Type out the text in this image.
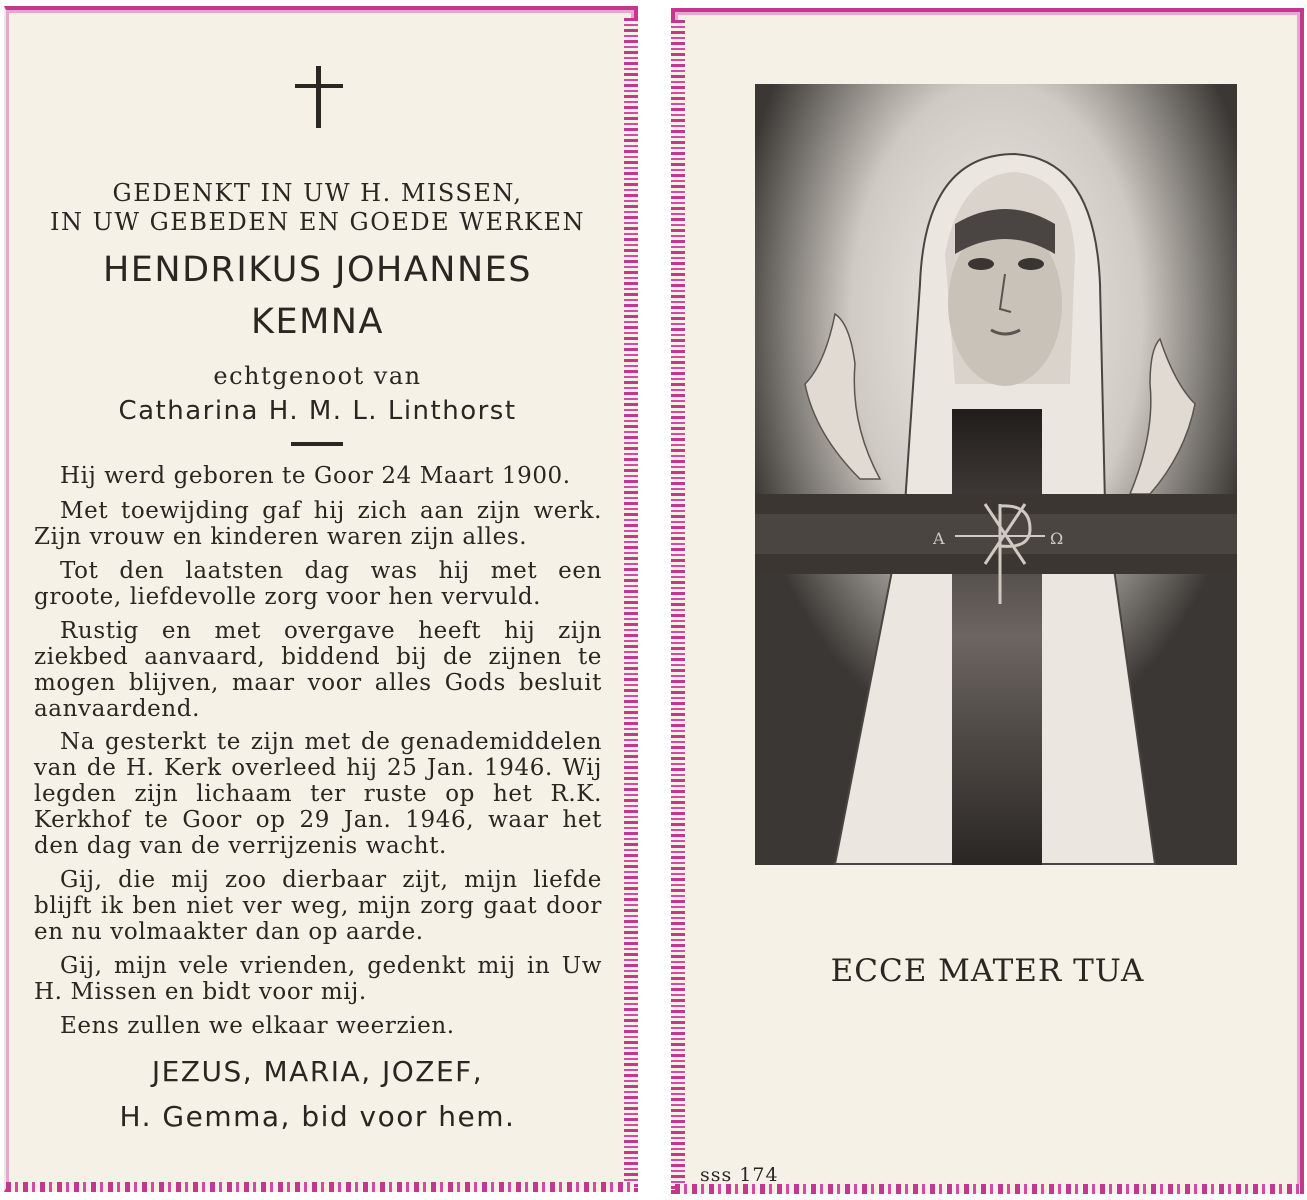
GEDENKT IN UW H. MISSEN,
IN UW GEBEDEN EN GOEDE WERKEN
HENDRIKUS JOHANNES
KEMNA
echtgenoot van
Catharina H. M. L. Linthorst

Hij werd geboren te Goor 24 Maart 1900.

Met toewijding gaf hij zich aan zijn werk. Zijn vrouw en kinderen waren zijn alles.

Tot den laatsten dag was hij met een groote, liefdevolle zorg voor hen vervuld.

Rustig en met overgave heeft hij zijn ziekbed aanvaard, biddend bij de zijnen te mogen blijven, maar voor alles Gods besluit aanvaardend.

Na gesterkt te zijn met de genademiddelen van de H. Kerk overleed hij 25 Jan. 1946. Wij legden zijn lichaam ter ruste op het R.K. Kerkhof te Goor op 29 Jan. 1946, waar het den dag van de verrijzenis wacht.

Gij, die mij zoo dierbaar zijt, mijn liefde blijft ik ben niet ver weg, mijn zorg gaat door en nu volmaakter dan op aarde.

Gij, mijn vele vrienden, gedenkt mij in Uw H. Missen en bidt voor mij.

Eens zullen we elkaar weerzien.

JEZUS, MARIA, JOZEF,
H. Gemma, bid voor hem.
A	Ω
ECCE MATER TUA
sss 174
